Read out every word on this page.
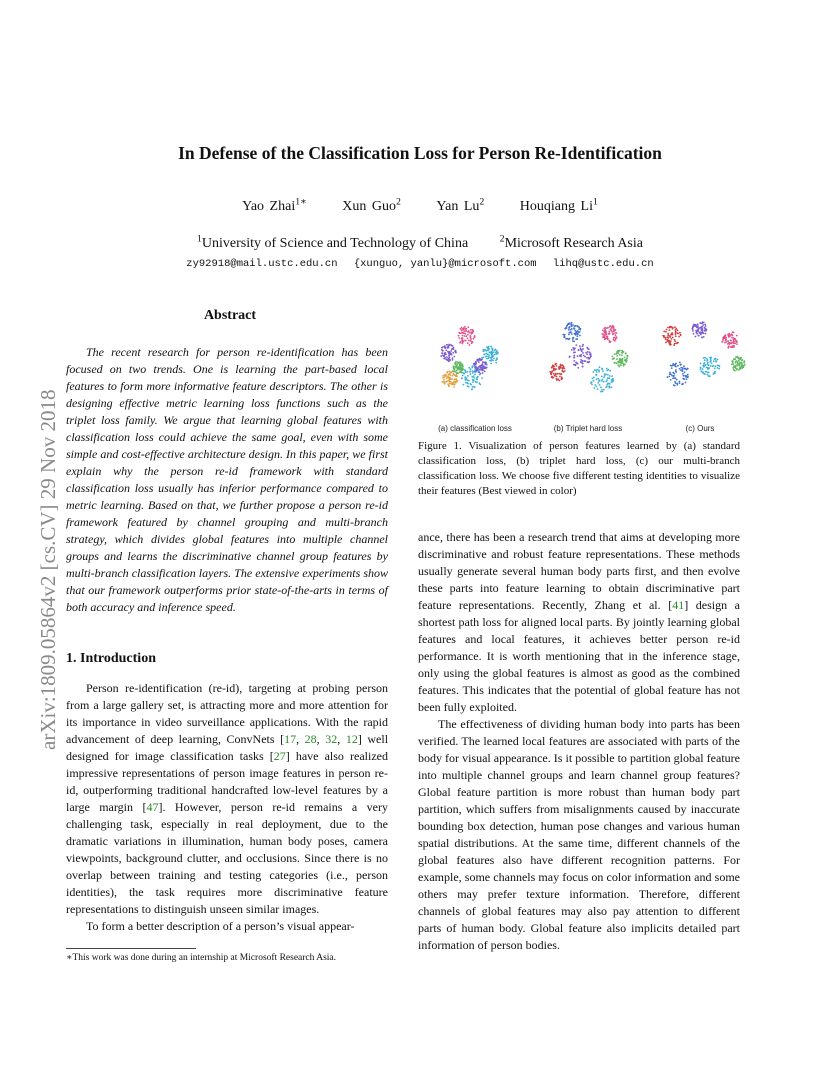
In Defense of the Classification Loss for Person Re-Identification
Yao Zhai$^{1∗}$	Xun Guo$^2$	Yan Lu$^2$	Houqiang Li$^1$
$^1$University of Science and Technology of China	$^2$Microsoft Research Asia
zy92918@mail.ustc.edu.cn {xunguo, yanlu}@microsoft.com lihq@ustc.edu.cn
arXiv:1809.05864v2 [cs.CV] 29 Nov 2018
Abstract
The recent research for person re-identification has been focused on two trends. One is learning the part-based local features to form more informative feature descriptors. The other is designing effective metric learning loss functions such as the triplet loss family. We argue that learning global features with classification loss could achieve the same goal, even with some simple and cost-effective architecture design. In this paper, we first explain why the person re-id framework with standard classification loss usually has inferior performance compared to metric learning. Based on that, we further propose a person re-id framework featured by channel grouping and multi-branch strategy, which divides global features into multiple channel groups and learns the discriminative channel group features by multi-branch classification layers. The extensive experiments show that our framework outperforms prior state-of-the-arts in terms of both accuracy and inference speed.
1. Introduction

Person re-identification (re-id), targeting at probing person from a large gallery set, is attracting more and more attention for its importance in video surveillance applications. With the rapid advancement of deep learning, ConvNets [17, 28, 32, 12] well designed for image classification tasks [27] have also realized impressive representations of person image features in person re-id, outperforming traditional handcrafted low-level features by a large margin [47]. However, person re-id remains a very challenging task, especially in real deployment, due to the dramatic variations in illumination, human body poses, camera viewpoints, background clutter, and occlusions. Since there is no overlap between training and testing categories (i.e., person identities), the task requires more discriminative feature representations to distinguish unseen similar images.

To form a better description of a person’s visual appear-

∗This work was done during an internship at Microsoft Research Asia.
(a) classification loss	(b) Triplet hard loss	(c) Ours
Figure 1. Visualization of person features learned by (a) standard classification loss, (b) triplet hard loss, (c) our multi-branch classification loss. We choose five different testing identities to visualize their features (Best viewed in color)

ance, there has been a research trend that aims at developing more discriminative and robust feature representations. These methods usually generate several human body parts first, and then evolve these parts into feature learning to obtain discriminative part feature representations. Recently, Zhang et al. [41] design a shortest path loss for aligned local parts. By jointly learning global features and local features, it achieves better person re-id performance. It is worth mentioning that in the inference stage, only using the global features is almost as good as the combined features. This indicates that the potential of global feature has not been fully exploited.

The effectiveness of dividing human body into parts has been verified. The learned local features are associated with parts of the body for visual appearance. Is it possible to partition global feature into multiple channel groups and learn channel group features? Global feature partition is more robust than human body part partition, which suffers from misalignments caused by inaccurate bounding box detection, human pose changes and various human spatial distributions. At the same time, different channels of the global features also have different recognition patterns. For example, some channels may focus on color information and some others may prefer texture information. Therefore, different channels of global features may also pay attention to different parts of human body. Global feature also implicits detailed part information of person bodies.
